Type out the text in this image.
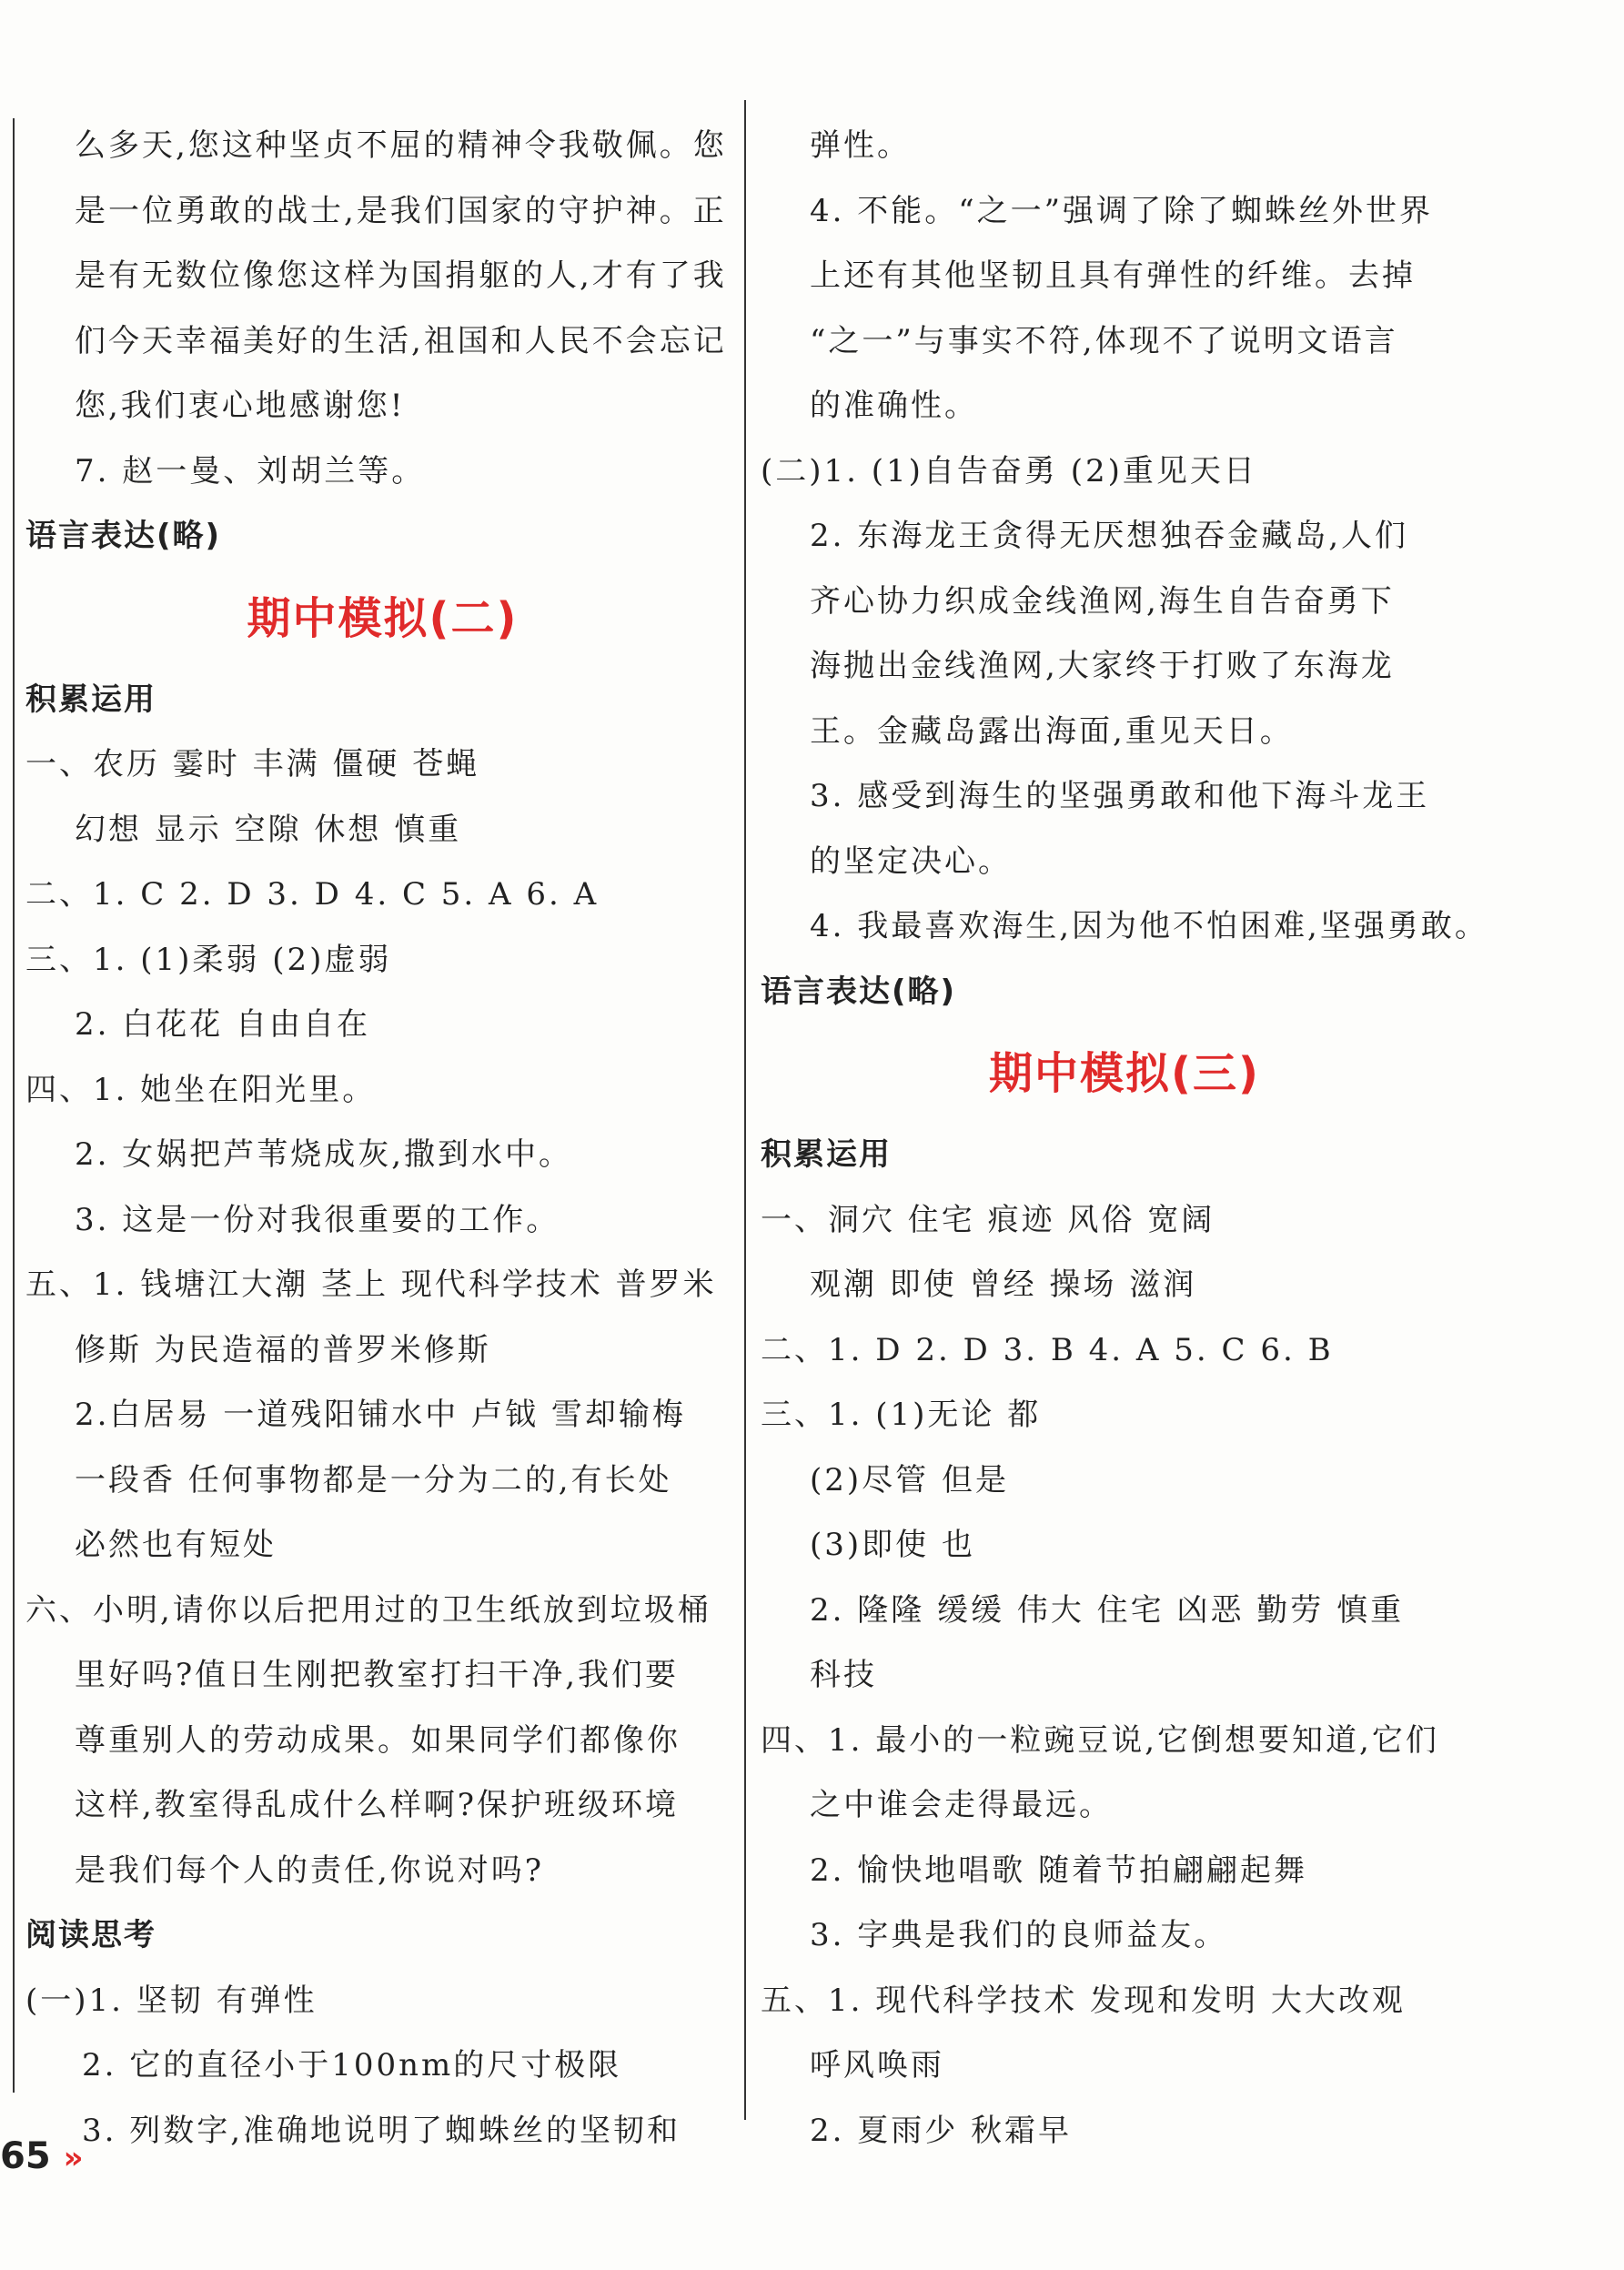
么多天,您这种坚贞不屈的精神令我敬佩。您
是一位勇敢的战士,是我们国家的守护神。正
是有无数位像您这样为国捐躯的人,才有了我
们今天幸福美好的生活,祖国和人民不会忘记
您,我们衷心地感谢您!
7. 赵一曼、刘胡兰等。
语言表达(略)
期中模拟(二)
积累运用
一、农历 霎时 丰满 僵硬 苍蝇
幻想 显示 空隙 休想 慎重
二、1. C 2. D 3. D 4. C 5. A 6. A
三、1. (1)柔弱 (2)虚弱
2. 白花花 自由自在
四、1. 她坐在阳光里。
2. 女娲把芦苇烧成灰,撒到水中。
3. 这是一份对我很重要的工作。
五、1. 钱塘江大潮 茎上 现代科学技术 普罗米
修斯 为民造福的普罗米修斯
2.白居易 一道残阳铺水中 卢钺 雪却输梅
一段香 任何事物都是一分为二的,有长处
必然也有短处
六、小明,请你以后把用过的卫生纸放到垃圾桶
里好吗?值日生刚把教室打扫干净,我们要
尊重别人的劳动成果。如果同学们都像你
这样,教室得乱成什么样啊?保护班级环境
是我们每个人的责任,你说对吗?
阅读思考
(一)1. 坚韧 有弹性
2. 它的直径小于100nm的尺寸极限
3. 列数字,准确地说明了蜘蛛丝的坚韧和
弹性。
4. 不能。“之一”强调了除了蜘蛛丝外世界
上还有其他坚韧且具有弹性的纤维。去掉
“之一”与事实不符,体现不了说明文语言
的准确性。
(二)1. (1)自告奋勇 (2)重见天日
2. 东海龙王贪得无厌想独吞金藏岛,人们
齐心协力织成金线渔网,海生自告奋勇下
海抛出金线渔网,大家终于打败了东海龙
王。金藏岛露出海面,重见天日。
3. 感受到海生的坚强勇敢和他下海斗龙王
的坚定决心。
4. 我最喜欢海生,因为他不怕困难,坚强勇敢。
语言表达(略)
期中模拟(三)
积累运用
一、洞穴 住宅 痕迹 风俗 宽阔
观潮 即使 曾经 操场 滋润
二、1. D 2. D 3. B 4. A 5. C 6. B
三、1. (1)无论 都
(2)尽管 但是
(3)即使 也
2. 隆隆 缓缓 伟大 住宅 凶恶 勤劳 慎重
科技
四、1. 最小的一粒豌豆说,它倒想要知道,它们
之中谁会走得最远。
2. 愉快地唱歌 随着节拍翩翩起舞
3. 字典是我们的良师益友。
五、1. 现代科学技术 发现和发明 大大改观
呼风唤雨
2. 夏雨少 秋霜早
65 »
